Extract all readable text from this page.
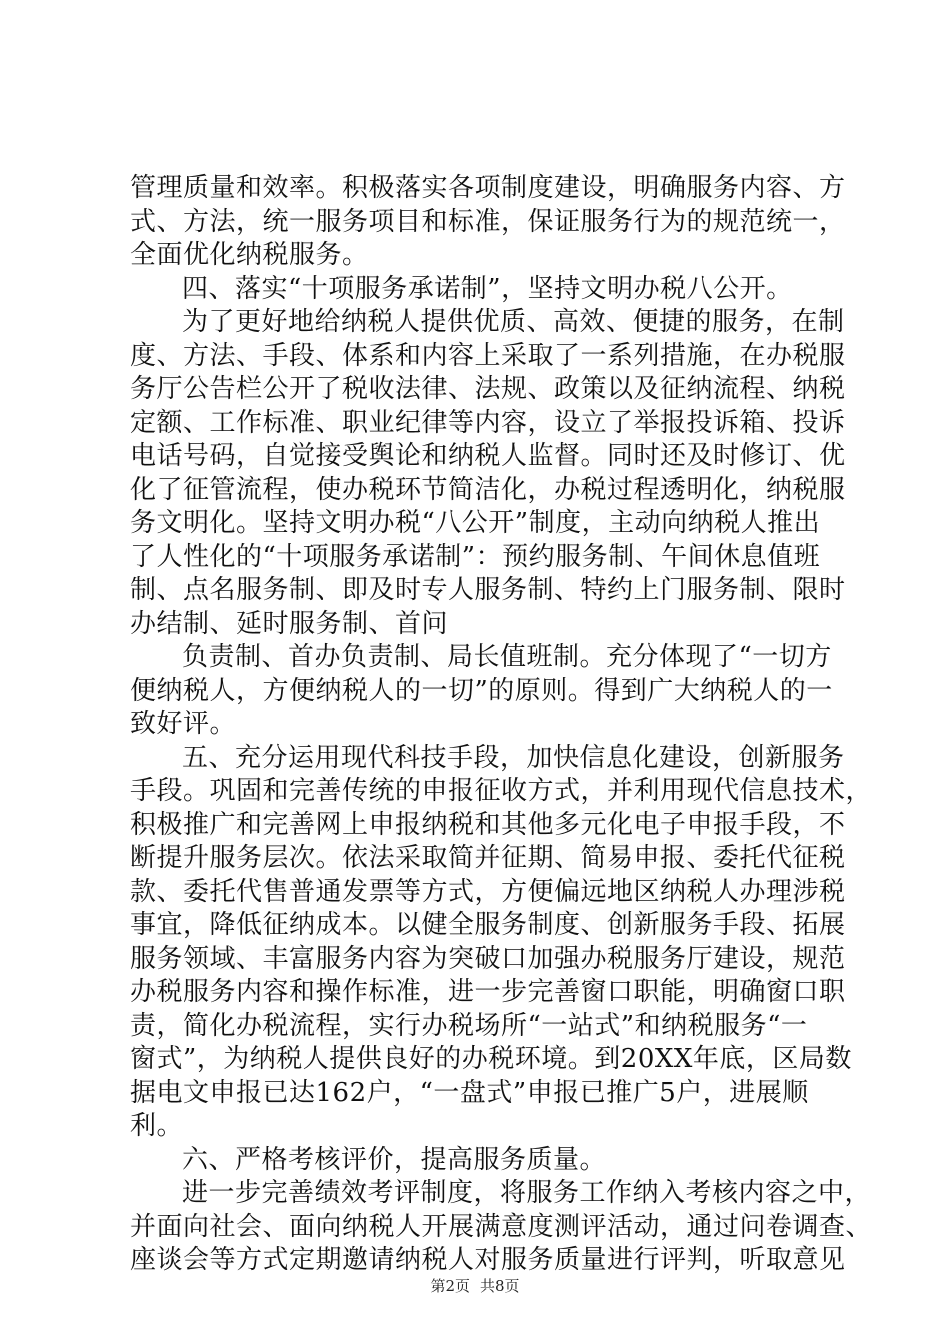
管理质量和效率。积极落实各项制度建设，明确服务内容、方
式、方法，统一服务项目和标准，保证服务行为的规范统一，
全面优化纳税服务。
四、落实“十项服务承诺制”，坚持文明办税八公开。
为了更好地给纳税人提供优质、高效、便捷的服务，在制
度、方法、手段、体系和内容上采取了一系列措施，在办税服
务厅公告栏公开了税收法律、法规、政策以及征纳流程、纳税
定额、工作标准、职业纪律等内容，设立了举报投诉箱、投诉
电话号码，自觉接受舆论和纳税人监督。同时还及时修订、优
化了征管流程，使办税环节简洁化，办税过程透明化，纳税服
务文明化。坚持文明办税“八公开”制度，主动向纳税人推出
了人性化的“十项服务承诺制”：预约服务制、午间休息值班
制、点名服务制、即及时专人服务制、特约上门服务制、限时
办结制、延时服务制、首问
负责制、首办负责制、局长值班制。充分体现了“一切方
便纳税人，方便纳税人的一切”的原则。得到广大纳税人的一
致好评。
五、充分运用现代科技手段，加快信息化建设，创新服务
手段。巩固和完善传统的申报征收方式，并利用现代信息技术，
积极推广和完善网上申报纳税和其他多元化电子申报手段，不
断提升服务层次。依法采取简并征期、简易申报、委托代征税
款、委托代售普通发票等方式，方便偏远地区纳税人办理涉税
事宜，降低征纳成本。以健全服务制度、创新服务手段、拓展
服务领域、丰富服务内容为突破口加强办税服务厅建设，规范
办税服务内容和操作标准，进一步完善窗口职能，明确窗口职
责，简化办税流程，实行办税场所“一站式”和纳税服务“一
窗式”，为纳税人提供良好的办税环境。到20XX年底，区局数
据电文申报已达162户，“一盘式”申报已推广5户，进展顺
利。
六、严格考核评价，提高服务质量。
进一步完善绩效考评制度，将服务工作纳入考核内容之中，
并面向社会、面向纳税人开展满意度测评活动，通过问卷调查、
座谈会等方式定期邀请纳税人对服务质量进行评判，听取意见
第2页 共8页
